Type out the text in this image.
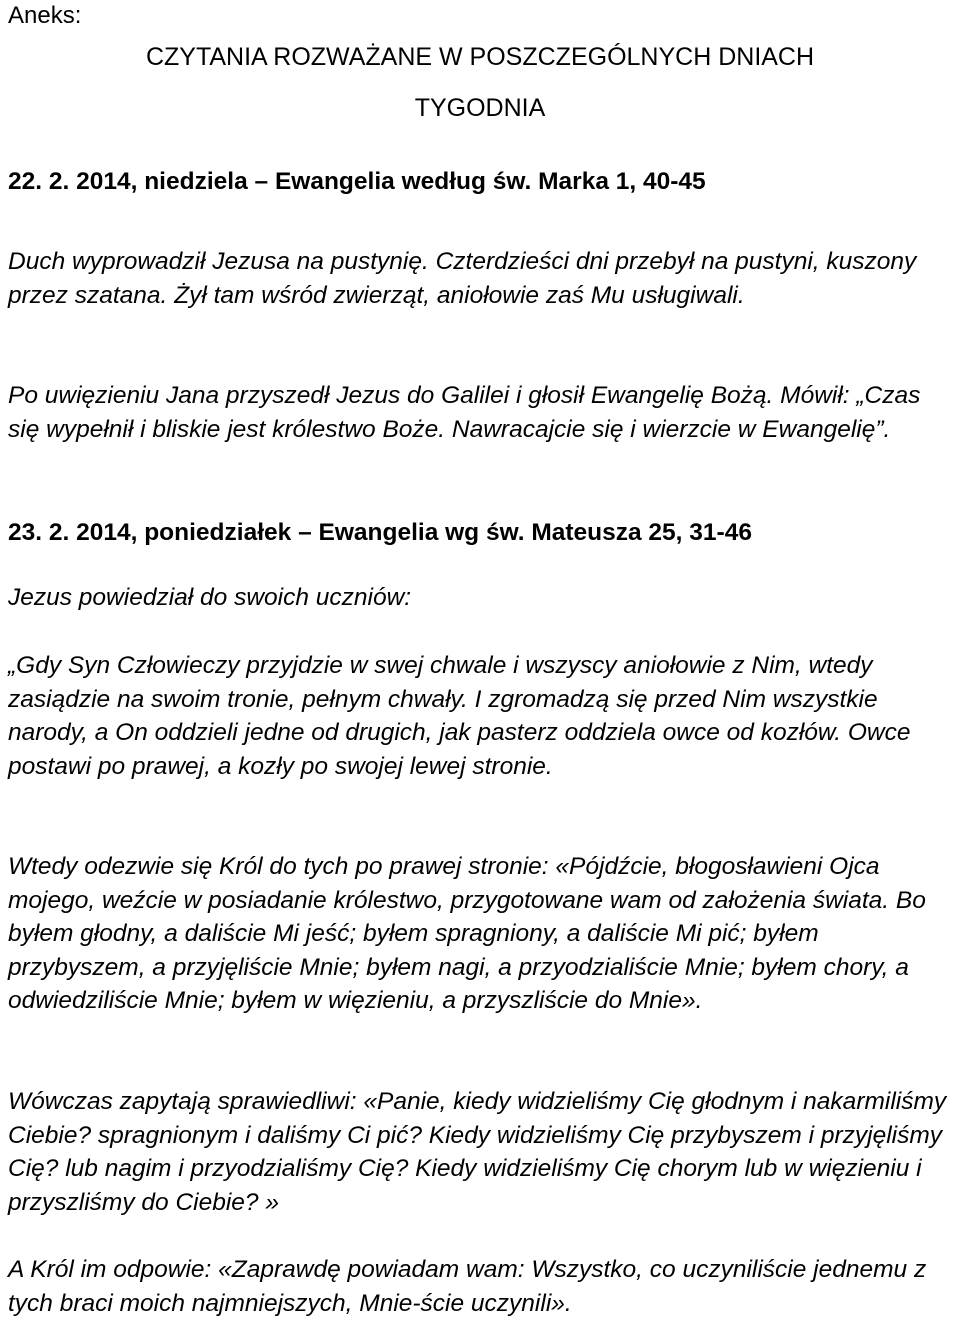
Aneks:
CZYTANIA ROZWAŻANE W POSZCZEGÓLNYCH DNIACH
TYGODNIA

22. 2. 2014, niedziela – Ewangelia według św. Marka 1, 40-45

Duch wyprowadził Jezusa na pustynię. Czterdzieści dni przebył na pustyni, kuszony przez szatana. Żył tam wśród zwierząt, aniołowie zaś Mu usługiwali.

Po uwięzieniu Jana przyszedł Jezus do Galilei i głosił Ewangelię Bożą. Mówił: „Czas się wypełnił i bliskie jest królestwo Boże. Nawracajcie się i wierzcie w Ewangelię”.

23. 2. 2014, poniedziałek – Ewangelia wg św. Mateusza 25, 31-46

Jezus powiedział do swoich uczniów:

„Gdy Syn Człowieczy przyjdzie w swej chwale i wszyscy aniołowie z Nim, wtedy zasiądzie na swoim tronie, pełnym chwały. I zgromadzą się przed Nim wszystkie narody, a On oddzieli jedne od drugich, jak pasterz oddziela owce od kozłów. Owce postawi po prawej, a kozły po swojej lewej stronie.

Wtedy odezwie się Król do tych po prawej stronie: «Pójdźcie, błogosławieni Ojca mojego, weźcie w posiadanie królestwo, przygotowane wam od założenia świata. Bo byłem głodny, a daliście Mi jeść; byłem spragniony, a daliście Mi pić; byłem przybyszem, a przyjęliście Mnie; byłem nagi, a przyodzialiście Mnie; byłem chory, a odwiedziliście Mnie; byłem w więzieniu, a przyszliście do Mnie».

Wówczas zapytają sprawiedliwi: «Panie, kiedy widzieliśmy Cię głodnym i nakarmiliśmy Ciebie? spragnionym i daliśmy Ci pić? Kiedy widzieliśmy Cię przybyszem i przyjęliśmy Cię? lub nagim i przyodzialiśmy Cię? Kiedy widzieliśmy Cię chorym lub w więzieniu i przyszliśmy do Ciebie? »

A Król im odpowie: «Zaprawdę powiadam wam: Wszystko, co uczyniliście jednemu z tych braci moich najmniejszych, Mnie-ście uczynili».
